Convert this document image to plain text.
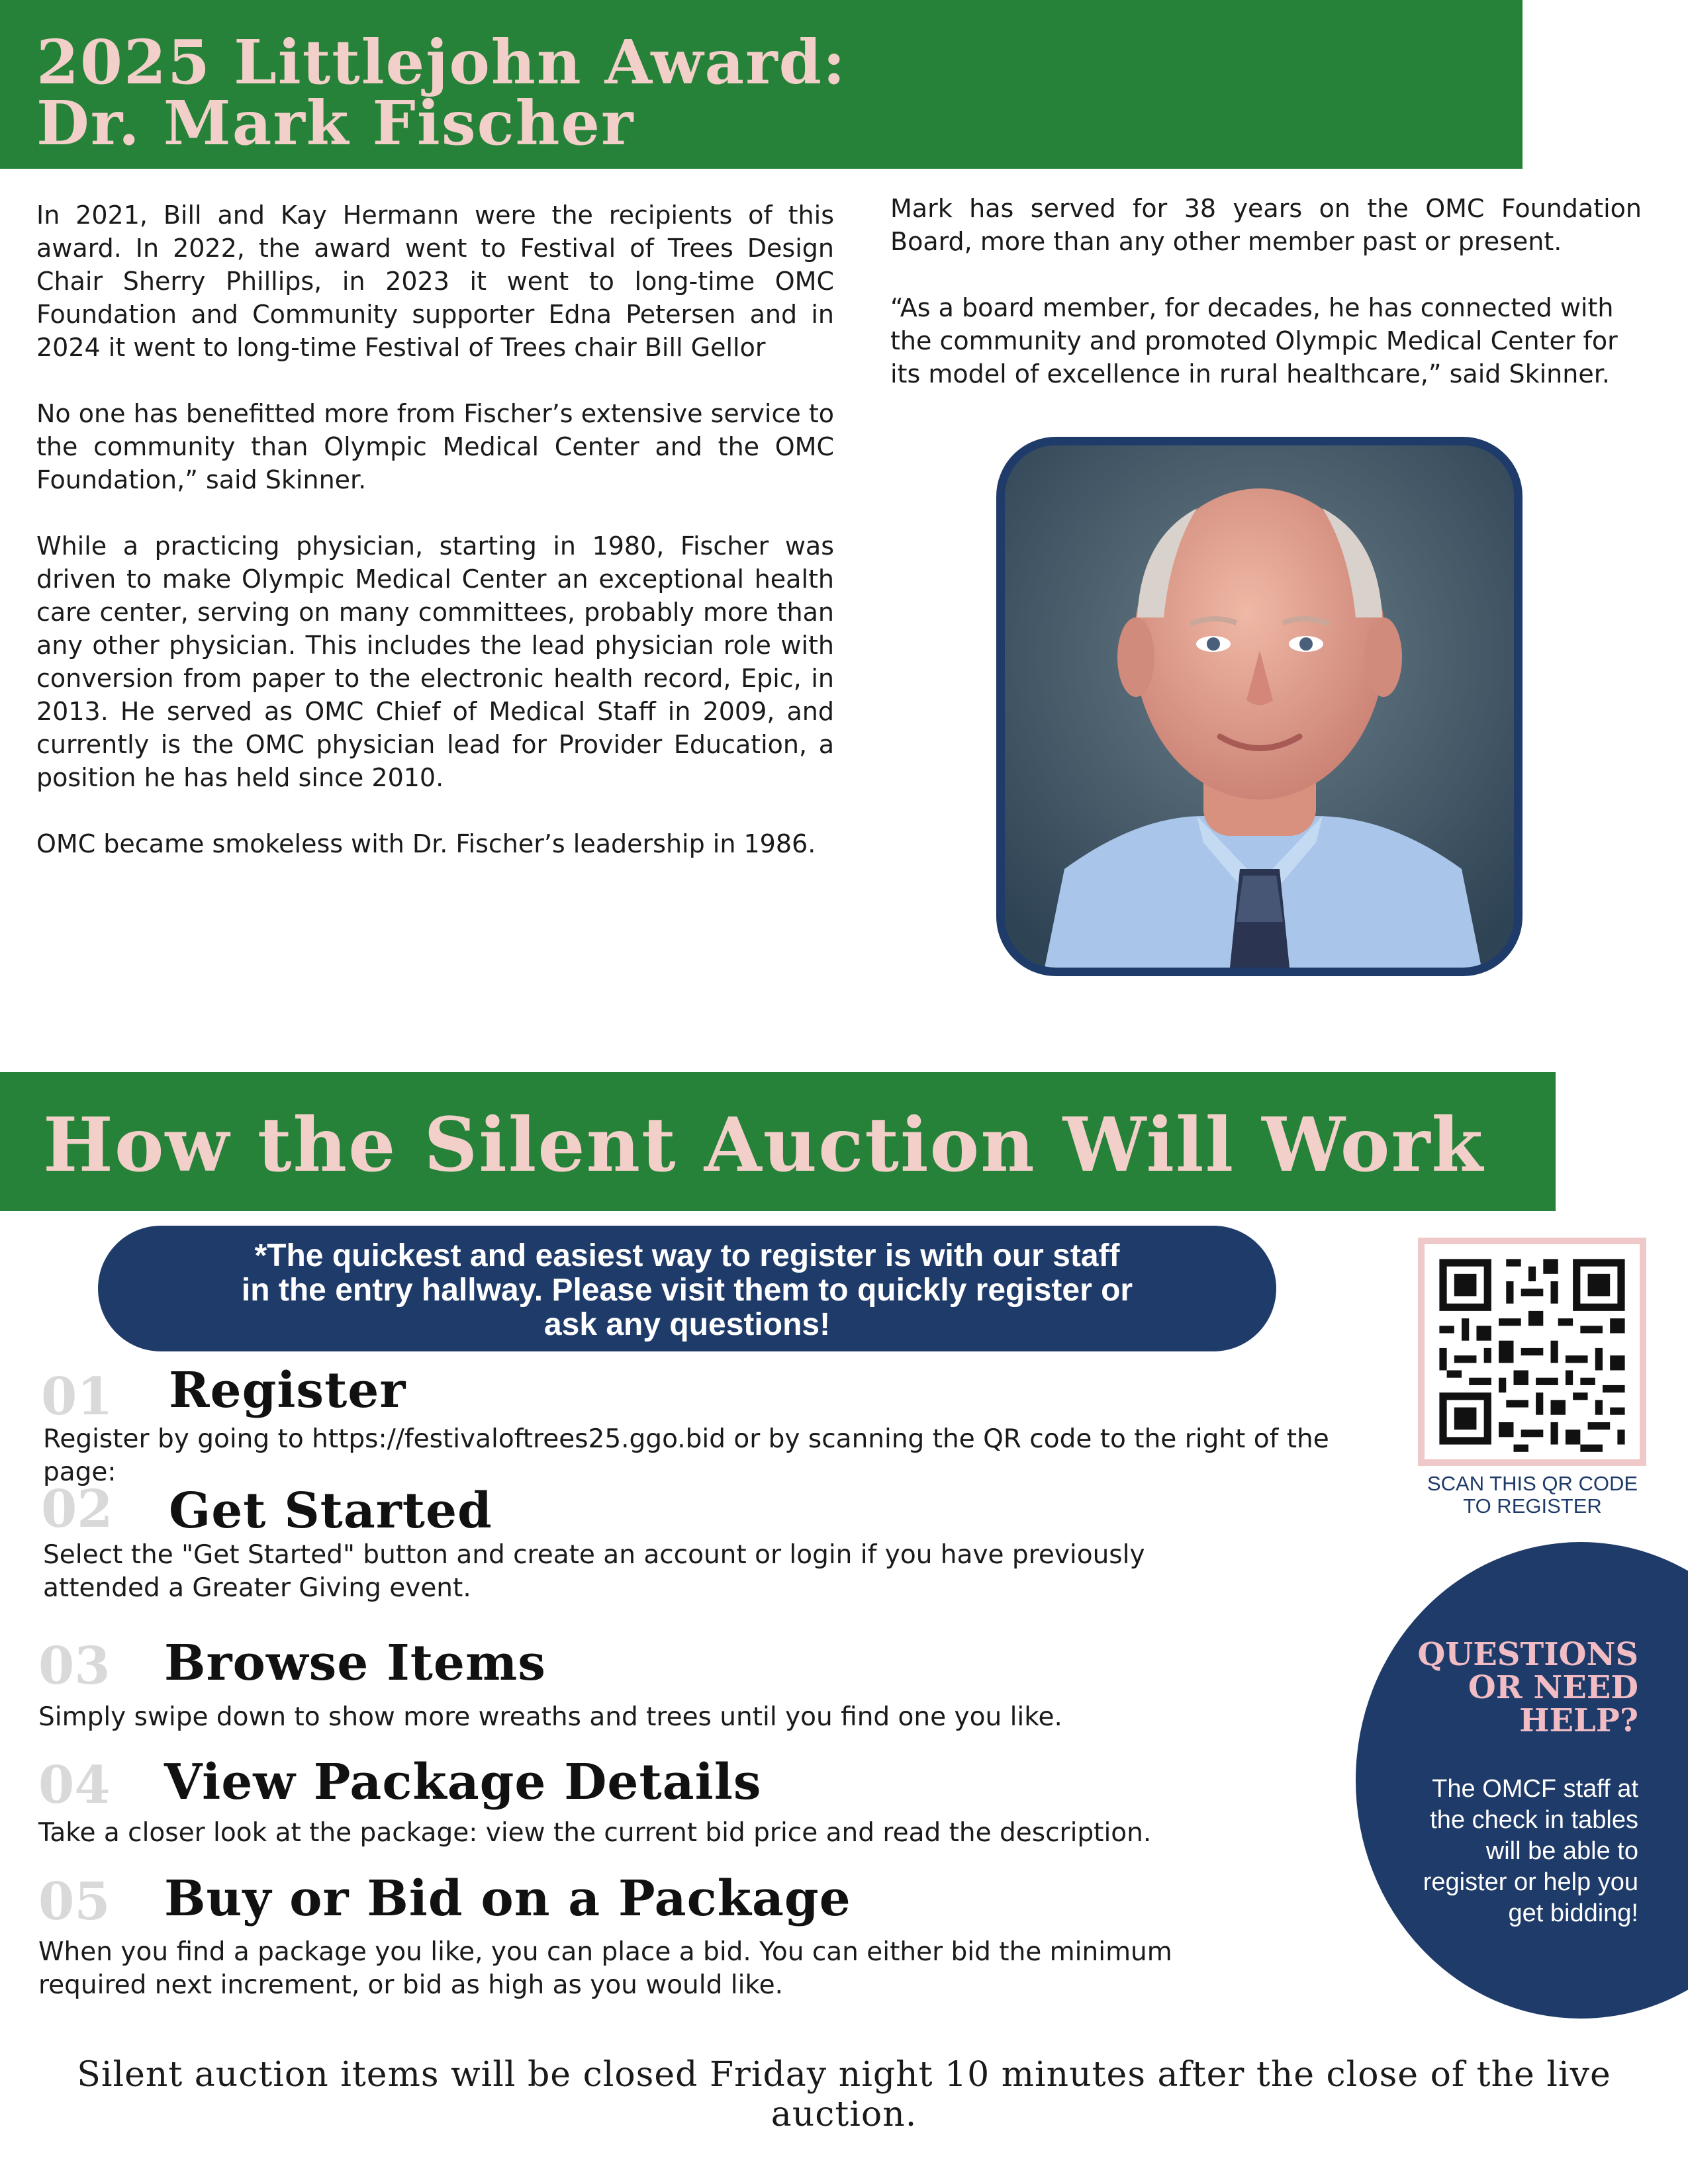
2025 Littlejohn Award:
Dr. Mark Fischer

In 2021, Bill and Kay Hermann were the recipients of this award. In 2022, the award went to Festival of Trees Design Chair Sherry Phillips, in 2023 it went to long-time OMC Foundation and Community supporter Edna Petersen and in 2024 it went to long-time Festival of Trees chair Bill Gellor

No one has benefitted more from Fischer’s extensive service to the community than Olympic Medical Center and the OMC Foundation,” said Skinner.

While a practicing physician, starting in 1980, Fischer was driven to make Olympic Medical Center an exceptional health care center, serving on many committees, probably more than any other physician. This includes the lead physician role with conversion from paper to the electronic health record, Epic, in 2013. He served as OMC Chief of Medical Staff in 2009, and currently is the OMC physician lead for Provider Education, a position he has held since 2010.

OMC became smokeless with Dr. Fischer’s leadership in 1986.

Mark has served for 38 years on the OMC Foundation Board, more than any other member past or present.

“As a board member, for decades, he has connected with the community and promoted Olympic Medical Center for its model of excellence in rural healthcare,” said Skinner.

How the Silent Auction Will Work
*The quickest and easiest way to register is with our staff
in the entry hallway. Please visit them to quickly register or
ask any questions!
01 Register
Register by going to https://festivaloftrees25.ggo.bid or by scanning the QR code to the right of the page:
02 Get Started
Select the "Get Started" button and create an account or login if you have previously attended a Greater Giving event.
03 Browse Items
Simply swipe down to show more wreaths and trees until you find one you like.
04 View Package Details
Take a closer look at the package: view the current bid price and read the description.
05 Buy or Bid on a Package
When you find a package you like, you can place a bid. You can either bid the minimum required next increment, or bid as high as you would like.
SCAN THIS QR CODE
TO REGISTER
QUESTIONS
OR NEED
HELP?
The OMCF staff at the check in tables will be able to register or help you get bidding!
Silent auction items will be closed Friday night 10 minutes after the close of the live auction.
